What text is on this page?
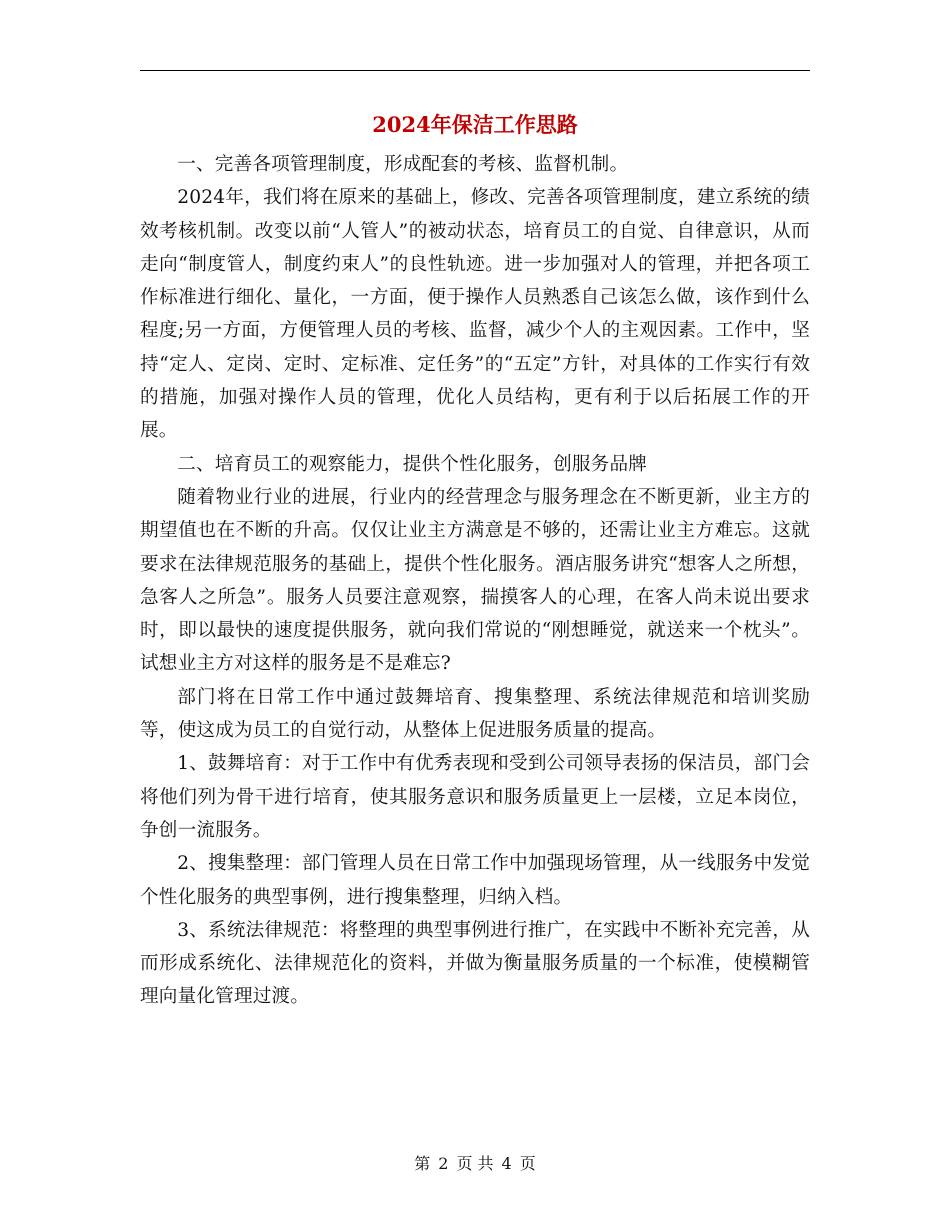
2024年保洁工作思路

一、完善各项管理制度，形成配套的考核、监督机制。

2024年，我们将在原来的基础上，修改、完善各项管理制度，建立系统的绩效考核机制。改变以前“人管人”的被动状态，培育员工的自觉、自律意识，从而走向“制度管人，制度约束人”的良性轨迹。进一步加强对人的管理，并把各项工作标准进行细化、量化，一方面，便于操作人员熟悉自己该怎么做，该作到什么程度;另一方面，方便管理人员的考核、监督，减少个人的主观因素。工作中，坚持“定人、定岗、定时、定标准、定任务”的“五定”方针，对具体的工作实行有效的措施，加强对操作人员的管理，优化人员结构，更有利于以后拓展工作的开展。

二、培育员工的观察能力，提供个性化服务，创服务品牌

随着物业行业的进展，行业内的经营理念与服务理念在不断更新，业主方的期望值也在不断的升高。仅仅让业主方满意是不够的，还需让业主方难忘。这就要求在法律规范服务的基础上，提供个性化服务。酒店服务讲究“想客人之所想，急客人之所急”。服务人员要注意观察，揣摸客人的心理，在客人尚未说出要求时，即以最快的速度提供服务，就向我们常说的“刚想睡觉，就送来一个枕头”。试想业主方对这样的服务是不是难忘?

部门将在日常工作中通过鼓舞培育、搜集整理、系统法律规范和培训奖励等，使这成为员工的自觉行动，从整体上促进服务质量的提高。

1、鼓舞培育：对于工作中有优秀表现和受到公司领导表扬的保洁员，部门会将他们列为骨干进行培育，使其服务意识和服务质量更上一层楼，立足本岗位，争创一流服务。

2、搜集整理：部门管理人员在日常工作中加强现场管理，从一线服务中发觉个性化服务的典型事例，进行搜集整理，归纳入档。

3、系统法律规范：将整理的典型事例进行推广，在实践中不断补充完善，从而形成系统化、法律规范化的资料，并做为衡量服务质量的一个标准，使模糊管理向量化管理过渡。

第 2 页 共 4 页
